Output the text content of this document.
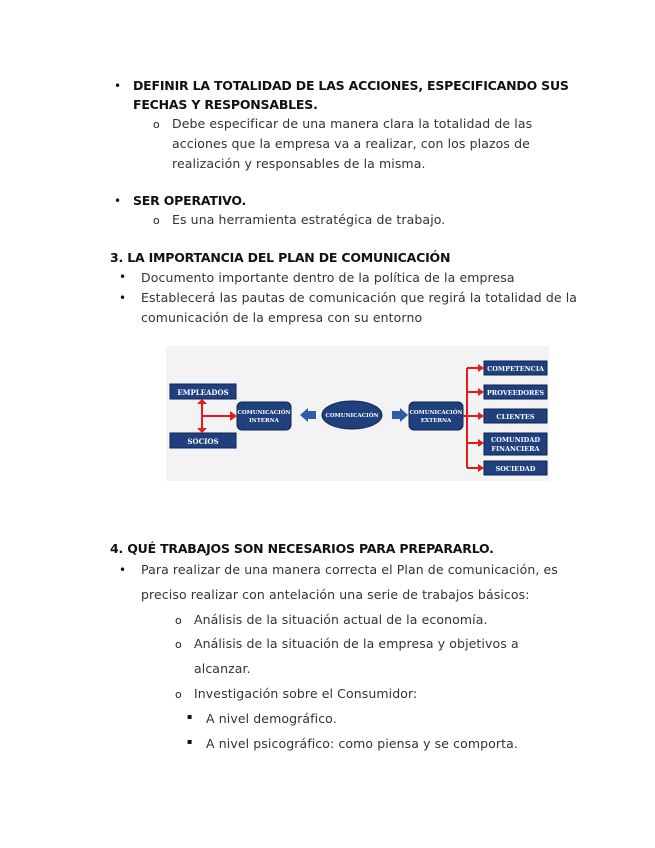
• DEFINIR LA TOTALIDAD DE LAS ACCIONES, ESPECIFICANDO SUS
FECHAS Y RESPONSABLES.
o Debe especificar de una manera clara la totalidad de las
acciones que la empresa va a realizar, con los plazos de
realización y responsables de la misma.
• SER OPERATIVO.
o Es una herramienta estratégica de trabajo.
3. LA IMPORTANCIA DEL PLAN DE COMUNICACIÓN
• Documento importante dentro de la política de la empresa
• Establecerá las pautas de comunicación que regirá la totalidad de la
comunicación de la empresa con su entorno
EMPLEADOS
SOCIOS
COMUNICACIÓN
INTERNA
COMUNICACIÓN	COMUNICACIÓN
EXTERNA
COMPETENCIA
PROVEEDORES
CLIENTES
COMUNIDAD
FINANCIERA
SOCIEDAD
4. QUÉ TRABAJOS SON NECESARIOS PARA PREPARARLO.
• Para realizar de una manera correcta el Plan de comunicación, es
preciso realizar con antelación una serie de trabajos básicos:
o Análisis de la situación actual de la economía.
o Análisis de la situación de la empresa y objetivos a
alcanzar.
o Investigación sobre el Consumidor:
▪ A nivel demográfico.
▪ A nivel psicográfico: como piensa y se comporta.
